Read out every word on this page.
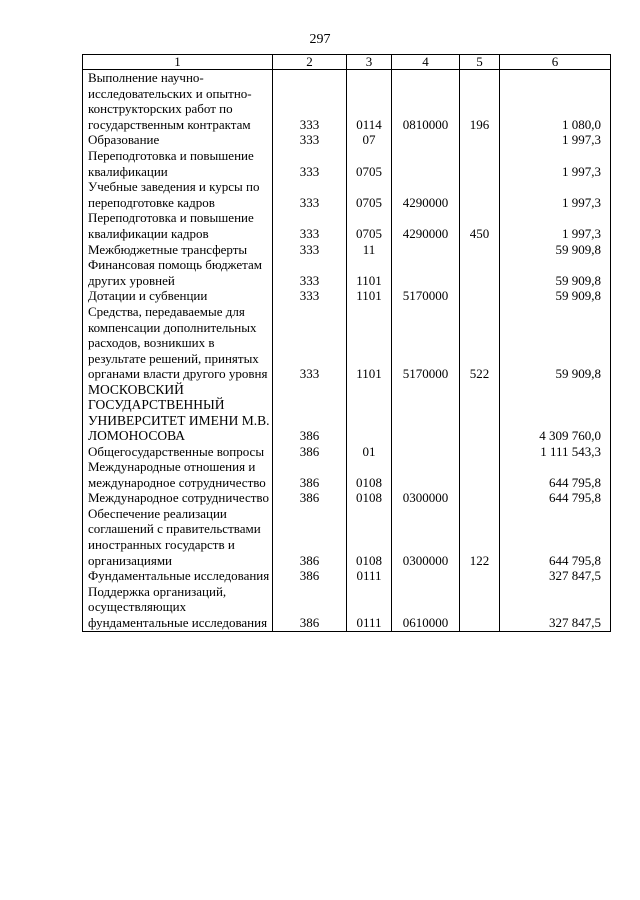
297
1	2	3	4	5	6
Выполнение научно-исследовательских и опытно-конструкторских работ по государственным контрактам	333	0114	0810000	196	1 080,0
Образование	333	07			1 997,3
Переподготовка и повышение квалификации	333	0705			1 997,3
Учебные заведения и курсы по переподготовке кадров	333	0705	4290000		1 997,3
Переподготовка и повышение квалификации кадров	333	0705	4290000	450	1 997,3
Межбюджетные трансферты	333	11			59 909,8
Финансовая помощь бюджетам других уровней	333	1101			59 909,8
Дотации и субвенции	333	1101	5170000		59 909,8
Средства, передаваемые для компенсации дополнительных расходов, возникших в результате решений, принятых органами власти другого уровня	333	1101	5170000	522	59 909,8
МОСКОВСКИЙ ГОСУДАРСТВЕННЫЙ УНИВЕРСИТЕТ ИМЕНИ М.В. ЛОМОНОСОВА	386				4 309 760,0
Общегосударственные вопросы	386	01			1 111 543,3
Международные отношения и международное сотрудничество	386	0108			644 795,8
Международное сотрудничество	386	0108	0300000		644 795,8
Обеспечение реализации соглашений с правительствами иностранных государств и организациями	386	0108	0300000	122	644 795,8
Фундаментальные исследования	386	0111			327 847,5
Поддержка организаций, осуществляющих фундаментальные исследования	386	0111	0610000		327 847,5
